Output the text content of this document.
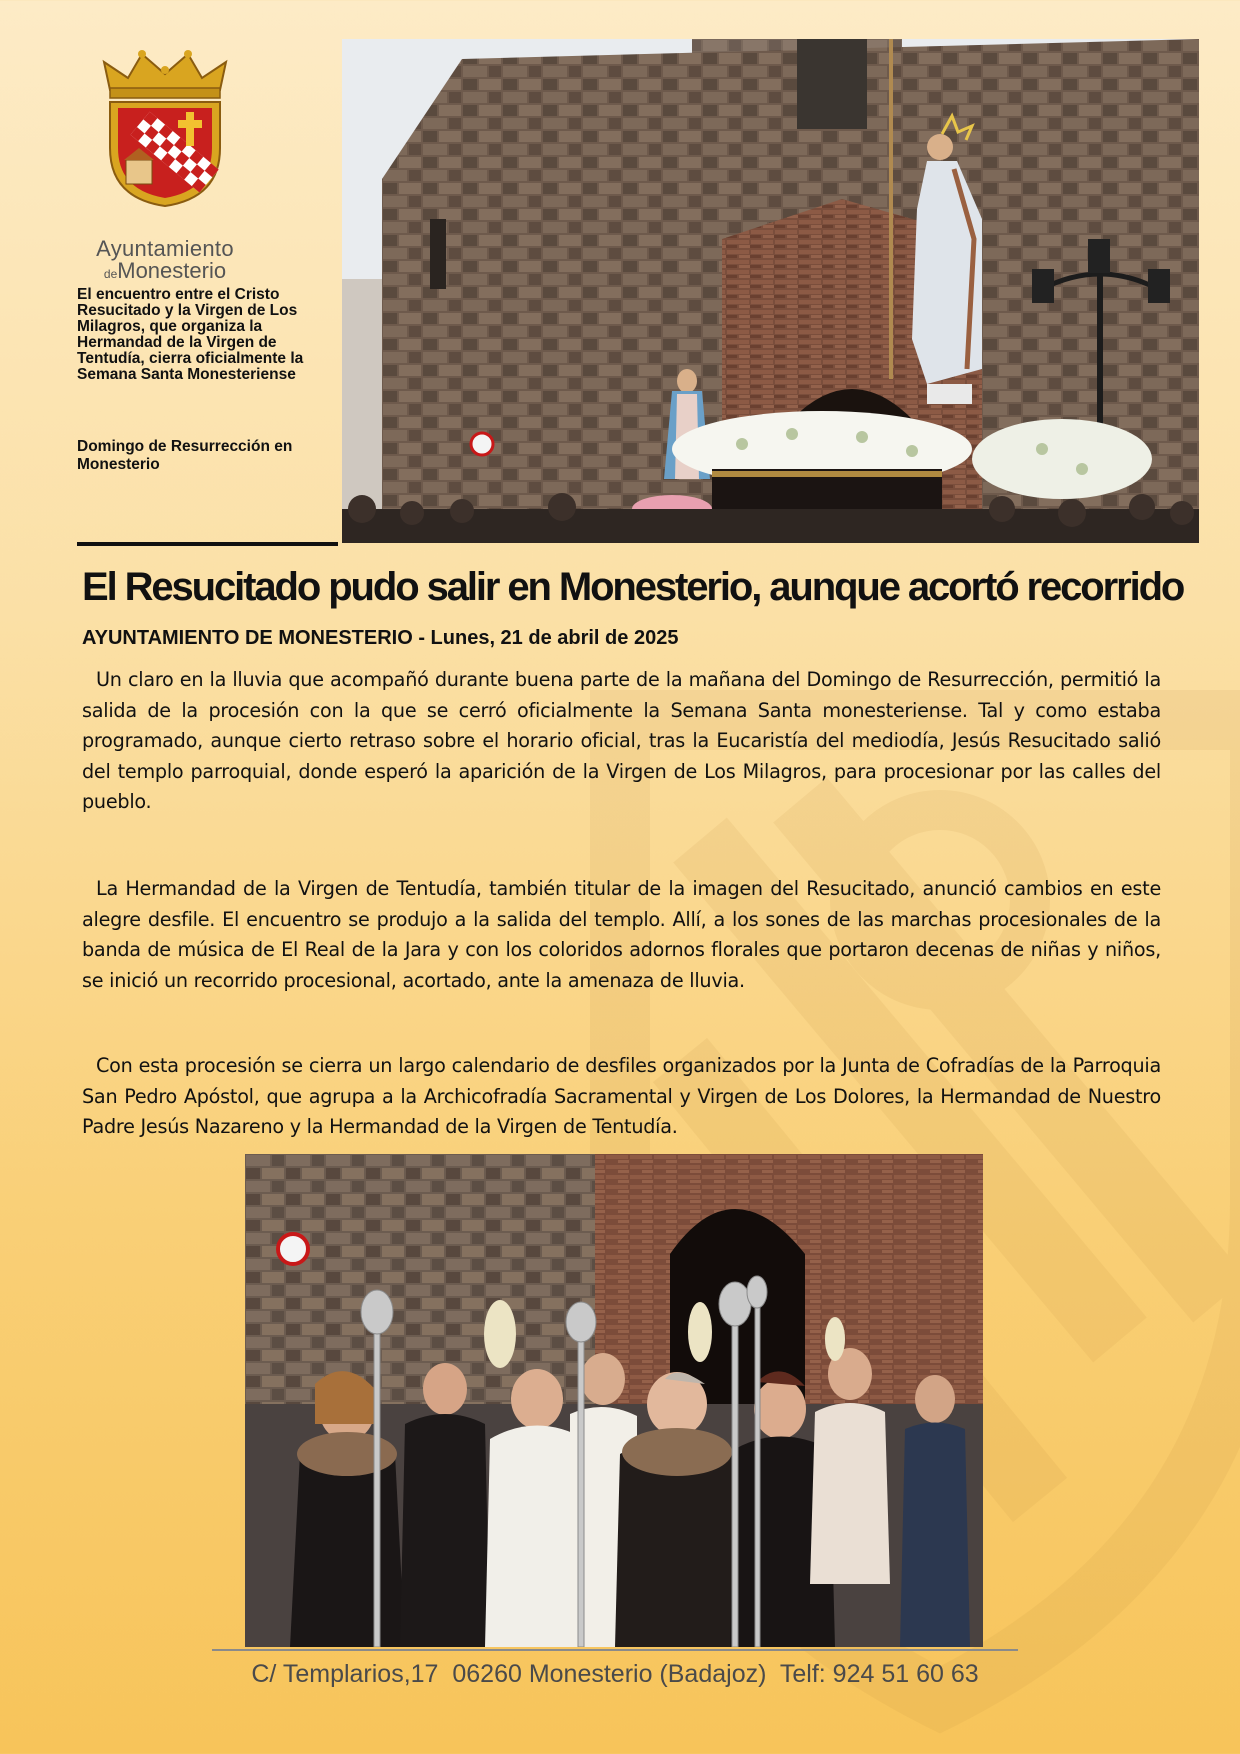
Ayuntamiento
deMonesterio

El encuentro entre el Cristo Resucitado y la Virgen de Los Milagros, que organiza la Hermandad de la Virgen de Tentudía, cierra oficialmente la Semana Santa Monesteriense

Domingo de Resurrección en Monesterio

El Resucitado pudo salir en Monesterio, aunque acortó recorrido

AYUNTAMIENTO DE MONESTERIO - Lunes, 21 de abril de 2025

Un claro en la lluvia que acompañó durante buena parte de la mañana del Domingo de Resurrección, permitió la salida de la procesión con la que se cerró oficialmente la Semana Santa monesteriense. Tal y como estaba programado, aunque cierto retraso sobre el horario oficial, tras la Eucaristía del mediodía, Jesús Resucitado salió del templo parroquial, donde esperó la aparición de la Virgen de Los Milagros, para procesionar por las calles del pueblo.

La Hermandad de la Virgen de Tentudía, también titular de la imagen del Resucitado, anunció cambios en este alegre desfile. El encuentro se produjo a la salida del templo. Allí, a los sones de las marchas procesionales de la banda de música de El Real de la Jara y con los coloridos adornos florales que portaron decenas de niñas y niños, se inició un recorrido procesional, acortado, ante la amenaza de lluvia.

Con esta procesión se cierra un largo calendario de desfiles organizados por la Junta de Cofradías de la Parroquia San Pedro Apóstol, que agrupa a la Archicofradía Sacramental y Virgen de Los Dolores, la Hermandad de Nuestro Padre Jesús Nazareno y la Hermandad de la Virgen de Tentudía.

C/ Templarios,17  06260 Monesterio (Badajoz)  Telf: 924 51 60 63
